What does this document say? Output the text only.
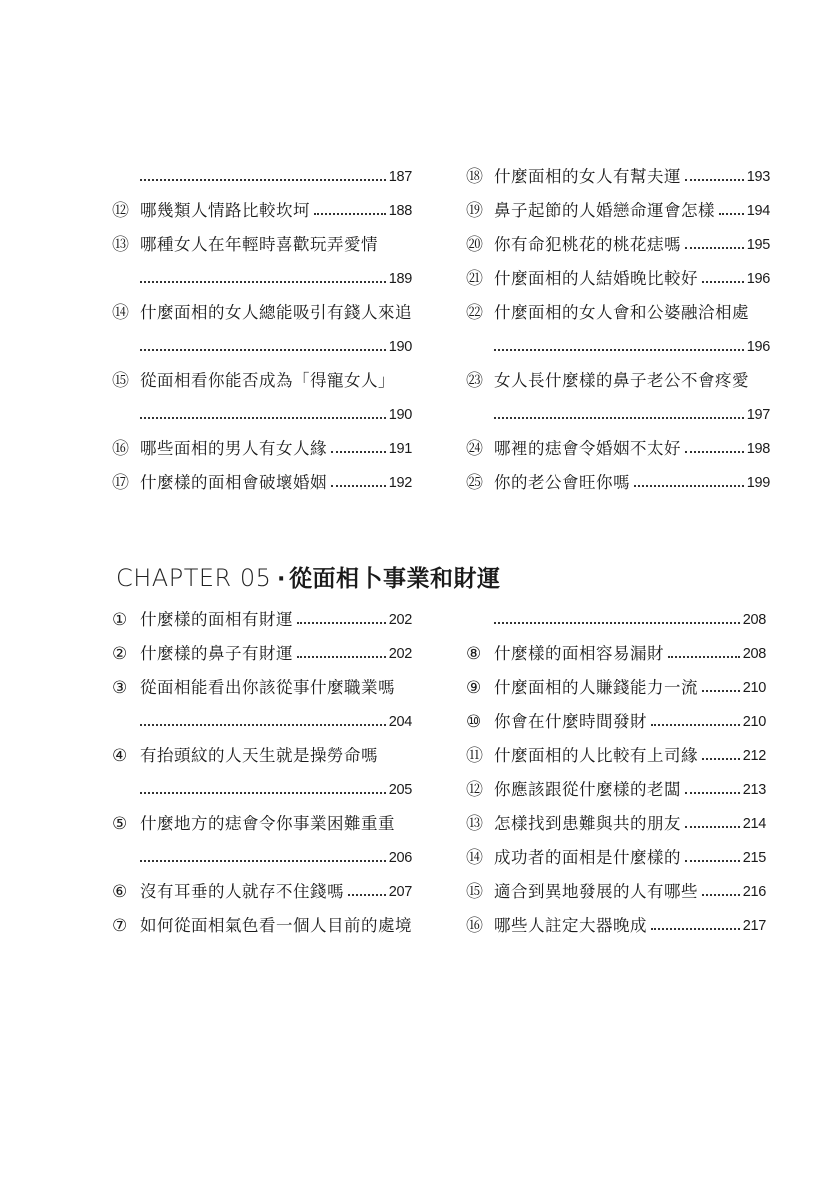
187
⑫ 哪幾類人情路比較坎坷	188
⑬ 哪種女人在年輕時喜歡玩弄愛情
189
⑭ 什麼面相的女人總能吸引有錢人來追
190
⑮ 從面相看你能否成為「得寵女人」
190
⑯ 哪些面相的男人有女人緣	191
⑰ 什麼樣的面相會破壞婚姻	192
⑱ 什麼面相的女人有幫夫運	193
⑲ 鼻子起節的人婚戀命運會怎樣 194
⑳ 你有命犯桃花的桃花痣嗎	195
㉑ 什麼面相的人結婚晚比較好	196
㉒ 什麼面相的女人會和公婆融洽相處
196
㉓ 女人長什麼樣的鼻子老公不會疼愛
197
㉔ 哪裡的痣會令婚姻不太好	198
㉕ 你的老公會旺你嗎	199
CHAPTER 05 ‧ 從面相卜事業和財運
① 什麼樣的面相有財運	202
② 什麼樣的鼻子有財運	202
③ 從面相能看出你該從事什麼職業嗎
204
④ 有抬頭紋的人天生就是操勞命嗎
205
⑤ 什麼地方的痣會令你事業困難重重
206
⑥ 沒有耳垂的人就存不住錢嗎	207
⑦ 如何從面相氣色看一個人目前的處境
208
⑧ 什麼樣的面相容易漏財	208
⑨ 什麼面相的人賺錢能力一流	210
⑩ 你會在什麼時間發財	210
⑪ 什麼面相的人比較有上司緣	212
⑫ 你應該跟從什麼樣的老闆	213
⑬ 怎樣找到患難與共的朋友	214
⑭ 成功者的面相是什麼樣的	215
⑮ 適合到異地發展的人有哪些	216
⑯ 哪些人註定大器晚成	217
